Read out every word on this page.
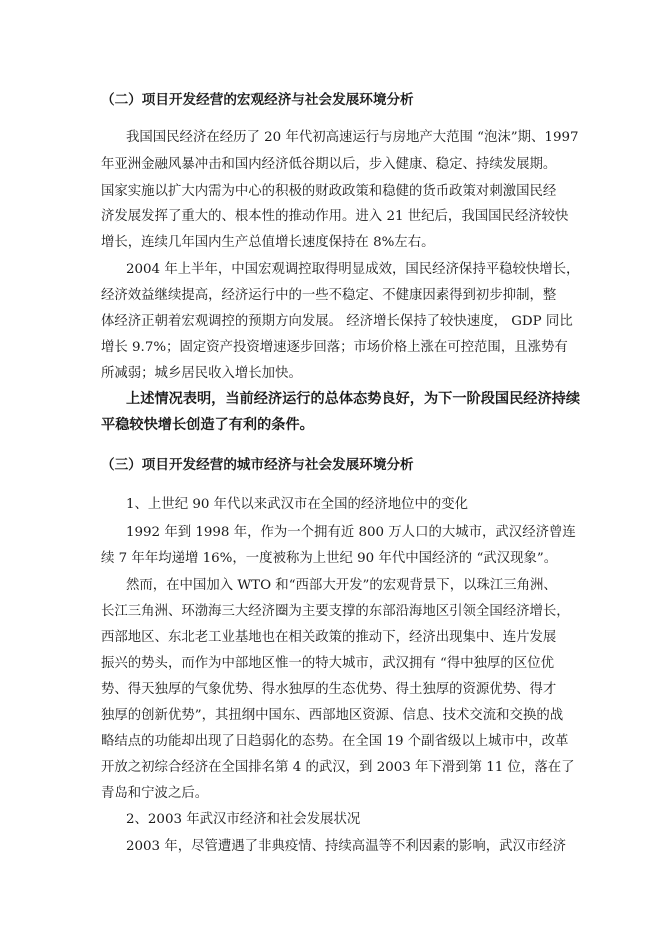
（二）项目开发经营的宏观经济与社会发展环境分析
我国国民经济在经历了 20 年代初高速运行与房地产大范围 “泡沫”期、1997
年亚洲金融风暴冲击和国内经济低谷期以后，步入健康、稳定、持续发展期。
国家实施以扩大内需为中心的积极的财政政策和稳健的货币政策对刺激国民经
济发展发挥了重大的、根本性的推动作用。进入 21 世纪后，我国国民经济较快
增长，连续几年国内生产总值增长速度保持在 8%左右。
2004 年上半年，中国宏观调控取得明显成效，国民经济保持平稳较快增长，
经济效益继续提高，经济运行中的一些不稳定、不健康因素得到初步抑制，整
体经济正朝着宏观调控的预期方向发展。 经济增长保持了较快速度， GDP 同比
增长 9.7%；固定资产投资增速逐步回落；市场价格上涨在可控范围，且涨势有
所减弱；城乡居民收入增长加快。
上述情况表明，当前经济运行的总体态势良好，为下一阶段国民经济持续
平稳较快增长创造了有利的条件。
（三）项目开发经营的城市经济与社会发展环境分析
1、上世纪 90 年代以来武汉市在全国的经济地位中的变化
1992 年到 1998 年，作为一个拥有近 800 万人口的大城市，武汉经济曾连
续 7 年年均递增 16%，一度被称为上世纪 90 年代中国经济的 “武汉现象”。
然而，在中国加入 WTO 和“西部大开发”的宏观背景下，以珠江三角洲、
长江三角洲、环渤海三大经济圈为主要支撑的东部沿海地区引领全国经济增长，
西部地区、东北老工业基地也在相关政策的推动下，经济出现集中、连片发展
振兴的势头，而作为中部地区惟一的特大城市，武汉拥有 “得中独厚的区位优
势、得天独厚的气象优势、得水独厚的生态优势、得土独厚的资源优势、得才
独厚的创新优势”，其扭纲中国东、西部地区资源、信息、技术交流和交换的战
略结点的功能却出现了日趋弱化的态势。在全国 19 个副省级以上城市中，改革
开放之初综合经济在全国排名第 4 的武汉，到 2003 年下滑到第 11 位，落在了
青岛和宁波之后。
2、2003 年武汉市经济和社会发展状况
2003 年，尽管遭遇了非典疫情、持续高温等不利因素的影响，武汉市经济
